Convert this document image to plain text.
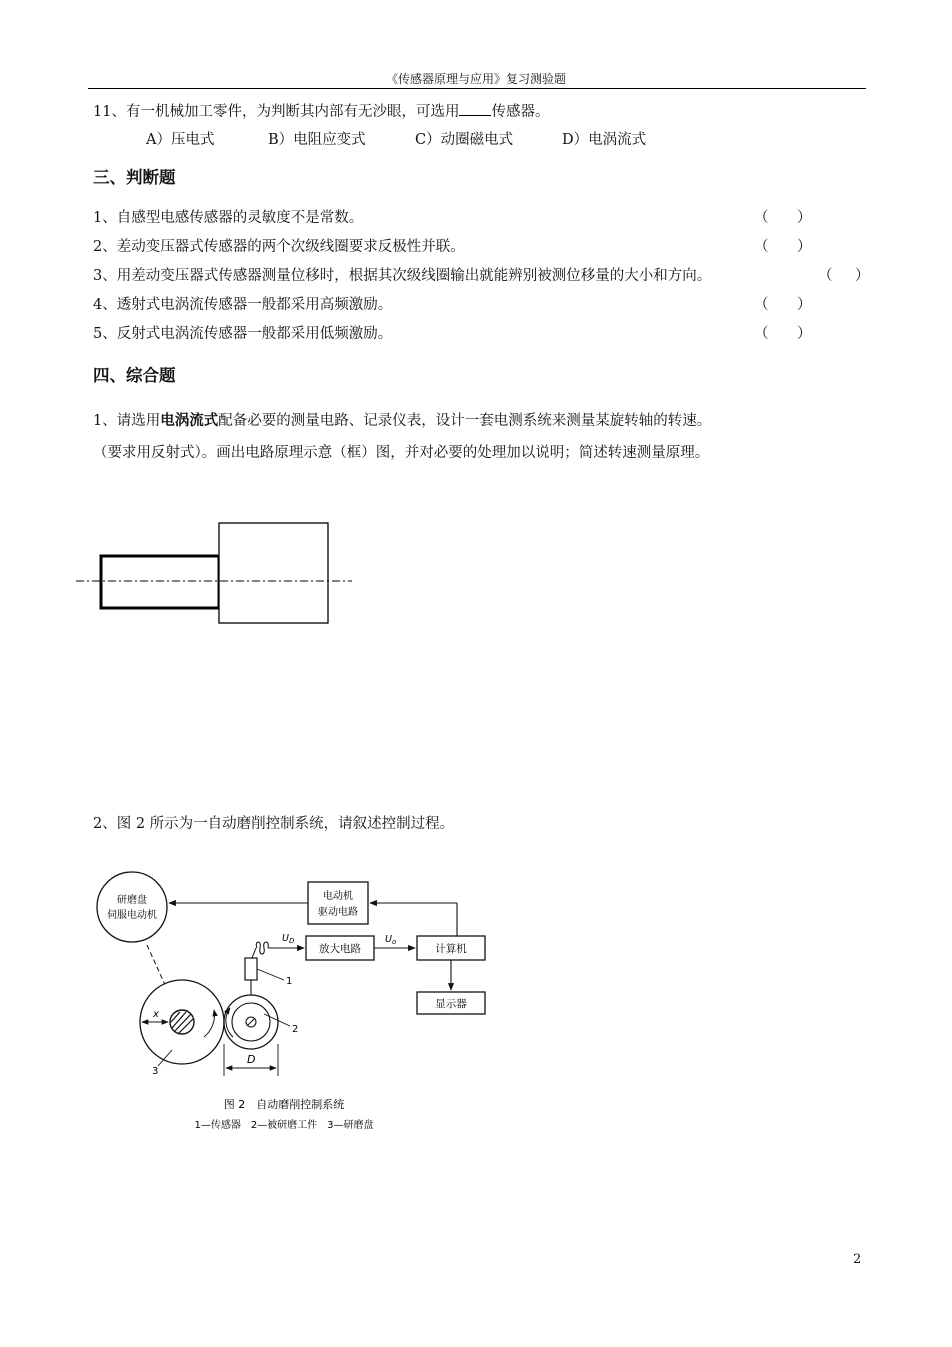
《传感器原理与应用》复习测验题
11、有一机械加工零件，为判断其内部有无沙眼，可选用 传感器。
A）压电式	B）电阻应变式	C）动圈磁电式	D）电涡流式
三、判断题
1、自感型电感传感器的灵敏度不是常数。	（ ）
2、差动变压器式传感器的两个次级线圈要求反极性并联。	（ ）
3、用差动变压器式传感器测量位移时，根据其次级线圈输出就能辨别被测位移量的大小和方向。	（ ）
4、透射式电涡流传感器一般都采用高频激励。	（ ）
5、反射式电涡流传感器一般都采用低频激励。	（ ）
四、综合题
1、请选用电涡流式配备必要的测量电路、记录仪表，设计一套电测系统来测量某旋转轴的转速。
（要求用反射式）。画出电路原理示意（框）图，并对必要的处理加以说明；简述转速测量原理。
2、图 2 所示为一自动磨削控制系统，请叙述控制过程。
研磨盘
伺服电动机
电动机
驱动电路
放大电路	计算机
显示器
$U_o$
$U_D$
1
x
3
2
D
图 2　自动磨削控制系统
1—传感器　2—被研磨工件　3—研磨盘
2
